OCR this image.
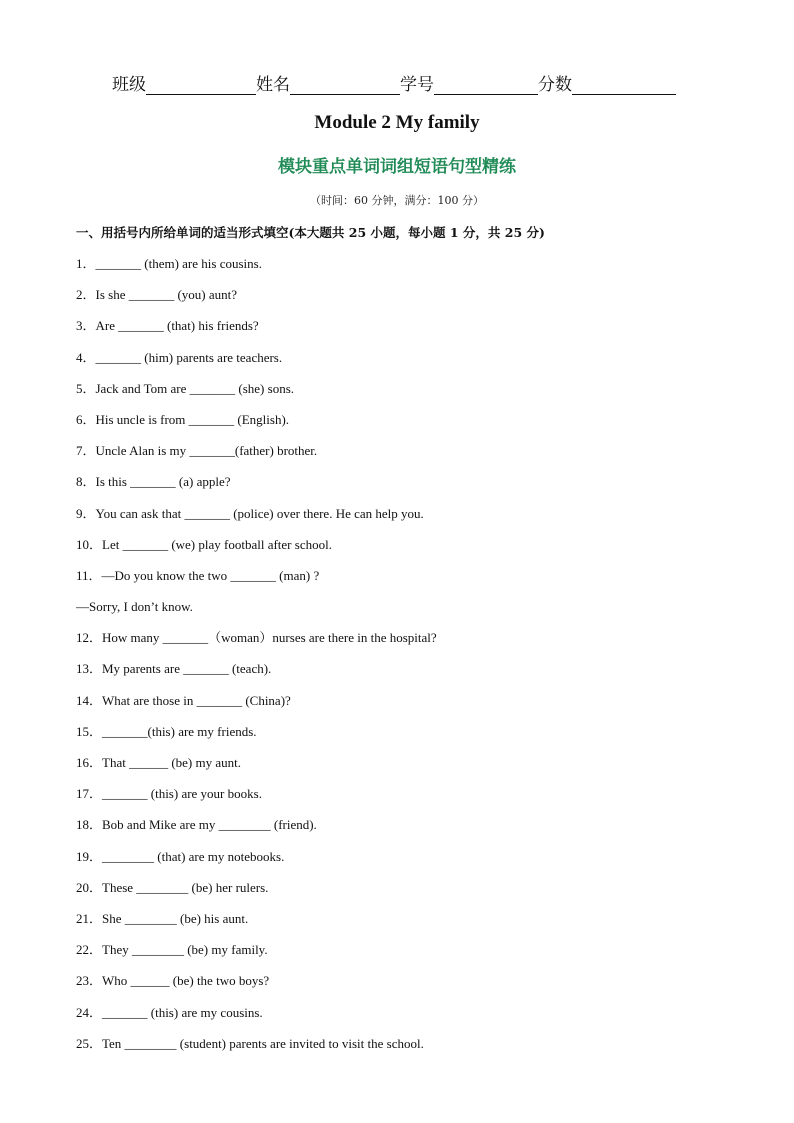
班级	姓名	学号	分数
Module 2 My family
模块重点单词词组短语句型精练
（时间：60 分钟，满分：100 分）
一、用括号内所给单词的适当形式填空(本大题共 25 小题，每小题 1 分，共 25 分)
1．_______ (them) are his cousins.
2．Is she _______ (you) aunt?
3．Are _______ (that) his friends?
4．_______ (him) parents are teachers.
5．Jack and Tom are _______ (she) sons.
6．His uncle is from _______ (English).
7．Uncle Alan is my _______(father) brother.
8．Is this _______ (a) apple?
9．You can ask that _______ (police) over there. He can help you.
10．Let _______ (we) play football after school.
11．—Do you know the two _______ (man) ?
—Sorry, I don’t know.
12．How many _______（woman）nurses are there in the hospital?
13．My parents are _______ (teach).
14．What are those in _______ (China)?
15．_______(this) are my friends.
16．That ______ (be) my aunt.
17．_______ (this) are your books.
18．Bob and Mike are my ________ (friend).
19．________ (that) are my notebooks.
20．These ________ (be) her rulers.
21．She ________ (be) his aunt.
22．They ________ (be) my family.
23．Who ______ (be) the two boys?
24．_______ (this) are my cousins.
25．Ten ________ (student) parents are invited to visit the school.
